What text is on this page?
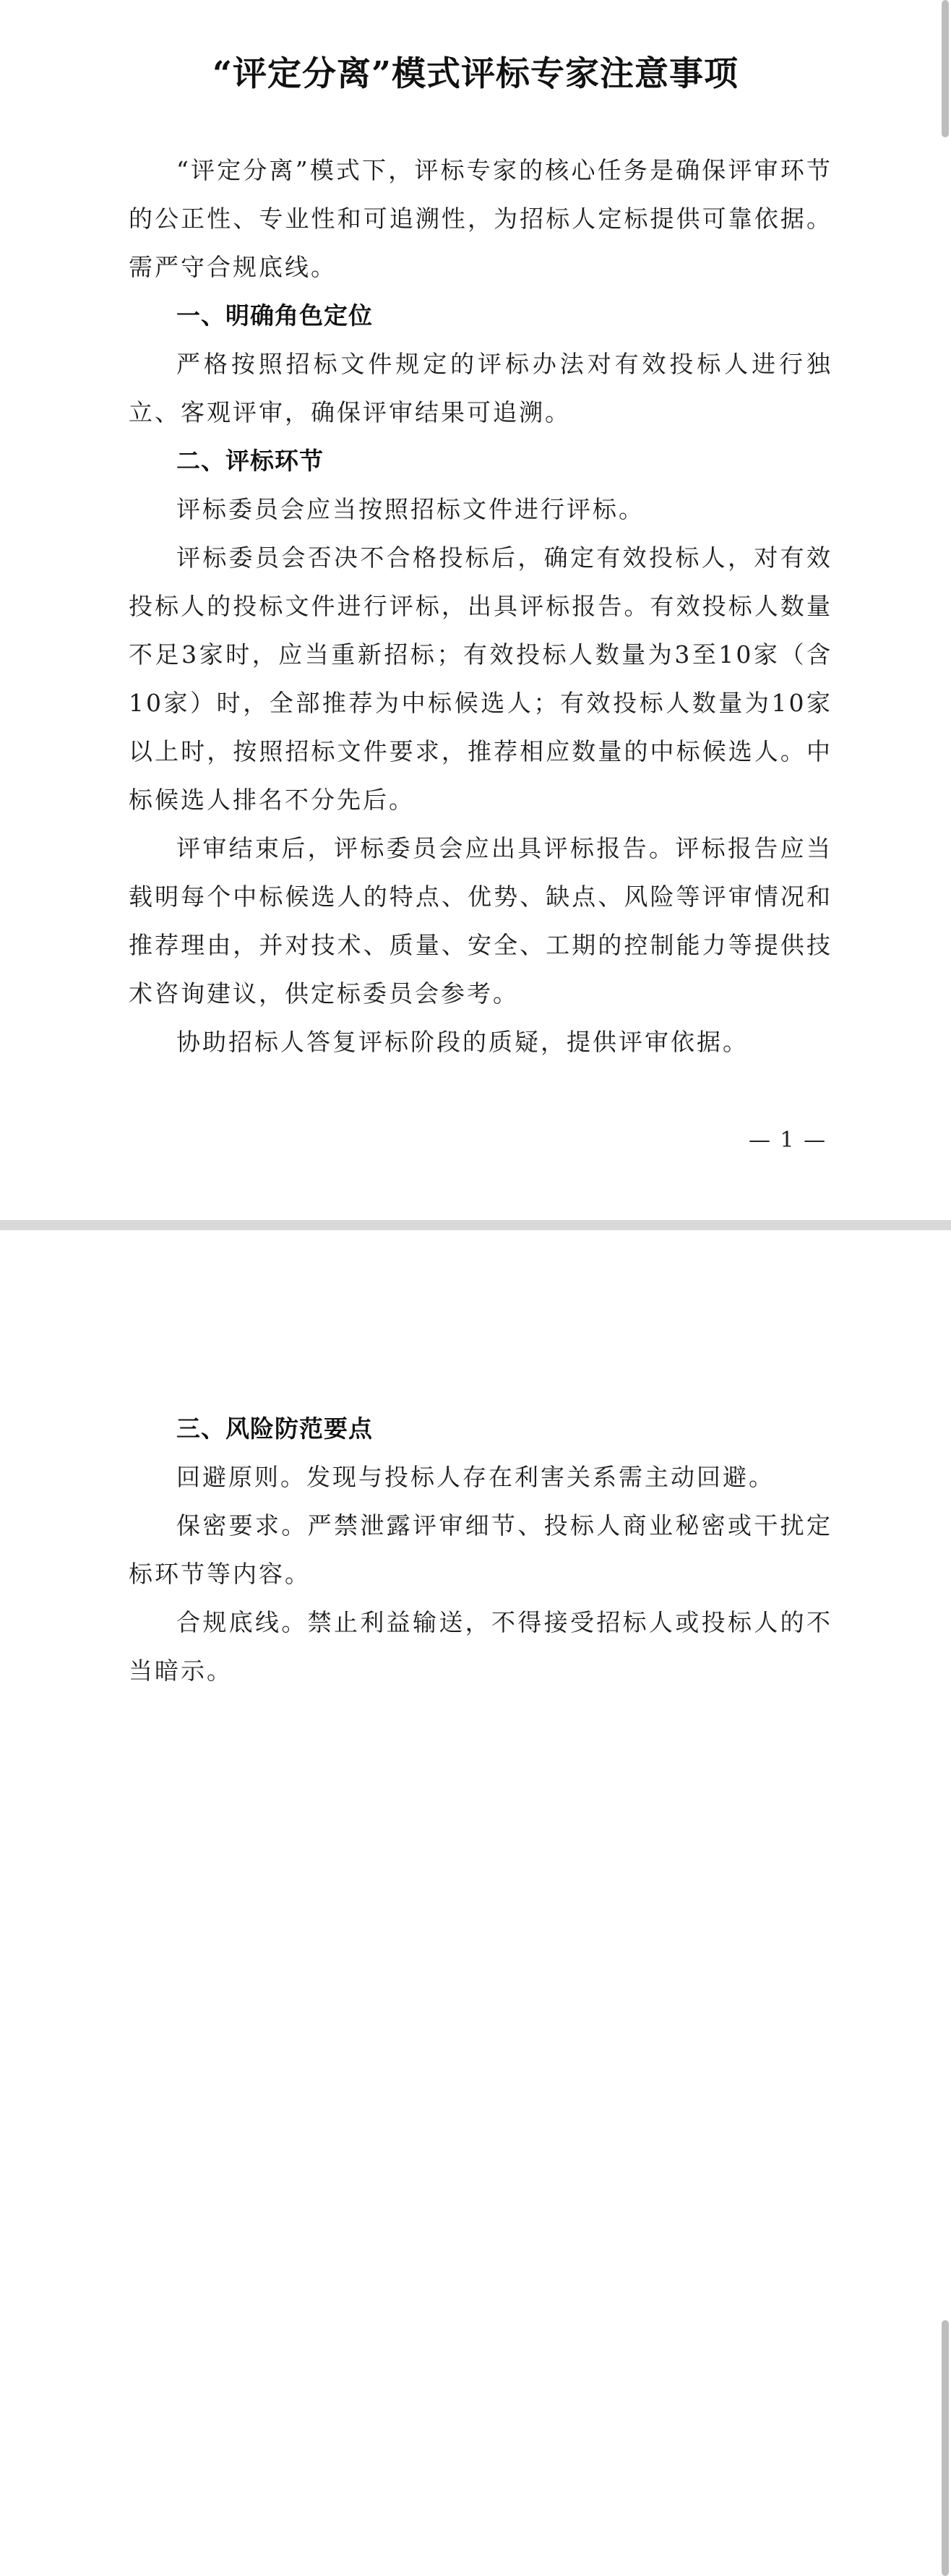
“评定分离”模式评标专家注意事项

“评定分离”模式下，评标专家的核心任务是确保评审环节的公正性、专业性和可追溯性，为招标人定标提供可靠依据。需严守合规底线。

一、明确角色定位

严格按照招标文件规定的评标办法对有效投标人进行独立、客观评审，确保评审结果可追溯。

二、评标环节

评标委员会应当按照招标文件进行评标。

评标委员会否决不合格投标后，确定有效投标人，对有效投标人的投标文件进行评标，出具评标报告。有效投标人数量不足3家时，应当重新招标；有效投标人数量为3至10家（含10家）时，全部推荐为中标候选人；有效投标人数量为10家以上时，按照招标文件要求，推荐相应数量的中标候选人。中标候选人排名不分先后。

评审结束后，评标委员会应出具评标报告。评标报告应当载明每个中标候选人的特点、优势、缺点、风险等评审情况和推荐理由，并对技术、质量、安全、工期的控制能力等提供技术咨询建议，供定标委员会参考。

协助招标人答复评标阶段的质疑，提供评审依据。

— 1 —

三、风险防范要点

回避原则。发现与投标人存在利害关系需主动回避。

保密要求。严禁泄露评审细节、投标人商业秘密或干扰定标环节等内容。

合规底线。禁止利益输送，不得接受招标人或投标人的不当暗示。
